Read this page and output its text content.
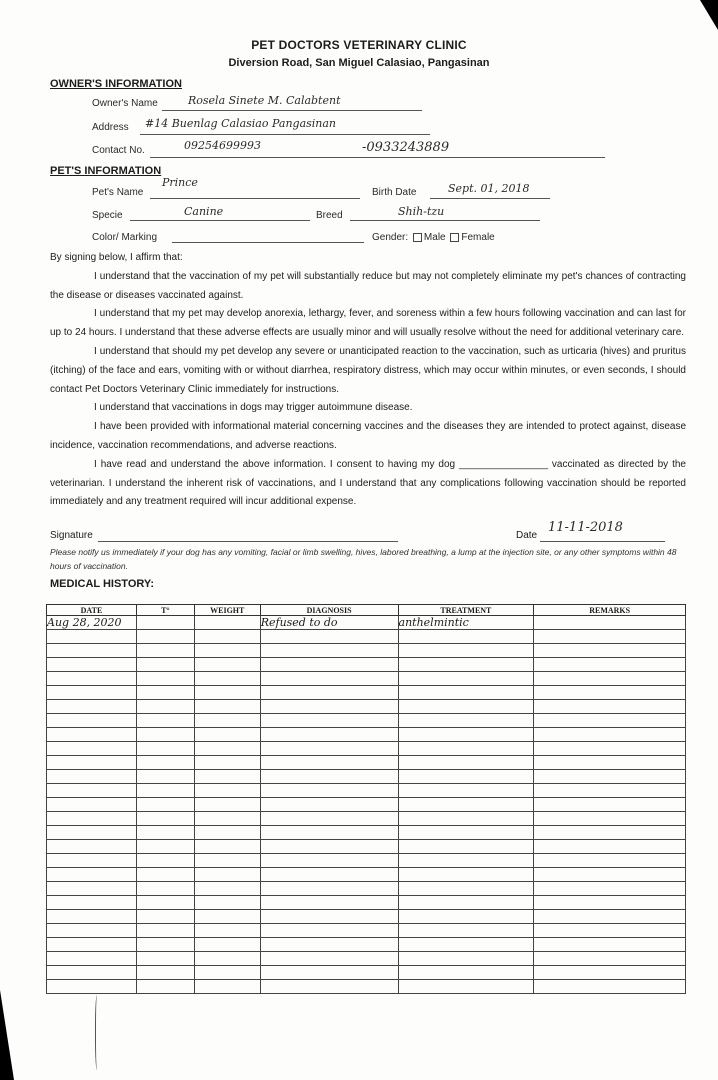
PET DOCTORS VETERINARY CLINIC
Diversion Road, San Miguel Calasiao, Pangasinan
OWNER'S INFORMATION
Owner's Name	Rosela Sinete M. Calabtent
Address #14 Buenlag Calasiao Pangasinan
Contact No.	09254699993	-0933243889
PET'S INFORMATION
Pet's Name
Prince
Birth Date	Sept. 01, 2018
Specie	Canine	Breed	Shih-tzu
Color/ Marking	Gender: Male Female

By signing below, I affirm that:

I understand that the vaccination of my pet will substantially reduce but may not completely eliminate my pet's chances of contracting the disease or diseases vaccinated against.

I understand that my pet may develop anorexia, lethargy, fever, and soreness within a few hours following vaccination and can last for up to 24 hours. I understand that these adverse effects are usually minor and will usually resolve without the need for additional veterinary care.

I understand that should my pet develop any severe or unanticipated reaction to the vaccination, such as urticaria (hives) and pruritus (itching) of the face and ears, vomiting with or without diarrhea, respiratory distress, which may occur within minutes, or even seconds, I should contact Pet Doctors Veterinary Clinic immediately for instructions.

I understand that vaccinations in dogs may trigger autoimmune disease.

I have been provided with informational material concerning vaccines and the diseases they are intended to protect against, disease incidence, vaccination recommendations, and adverse reactions.

I have read and understand the above information. I consent to having my dog ________________ vaccinated as directed by the veterinarian. I understand the inherent risk of vaccinations, and I understand that any complications following vaccination should be reported immediately and any treatment required will incur additional expense.

Signature	Date
11-11-2018
Please notify us immediately if your dog has any vomiting, facial or limb swelling, hives, labored breathing, a lump at the injection site, or any other symptoms within 48 hours of vaccination.
MEDICAL HISTORY:
DATE	T°	WEIGHT	DIAGNOSIS	TREATMENT	REMARKS
Aug 28, 2020			Refused to do	anthelmintic	
